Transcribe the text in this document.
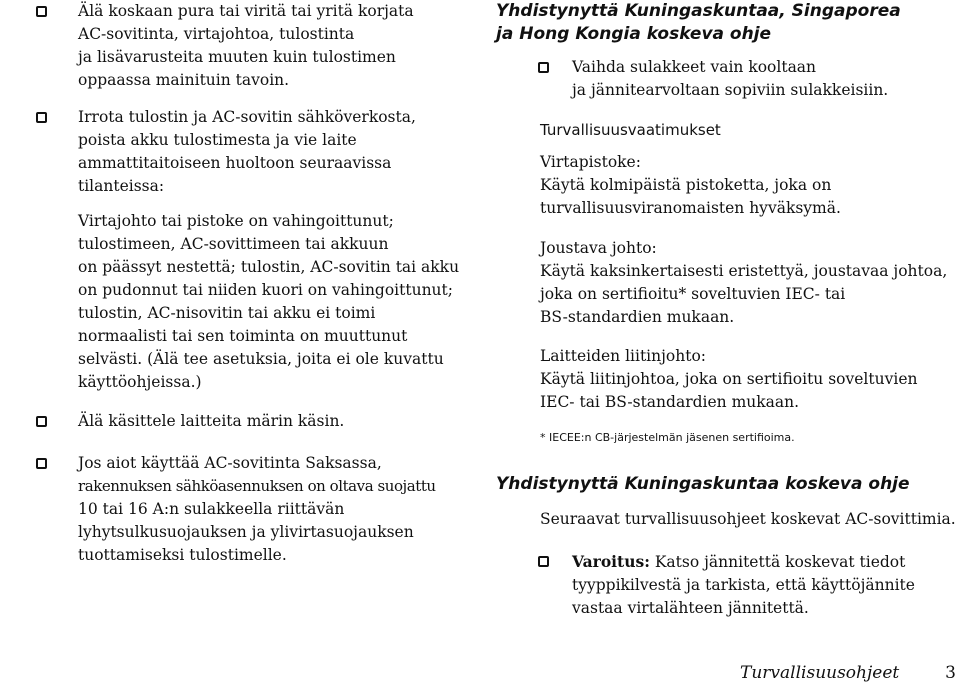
Älä koskaan pura tai viritä tai yritä korjata
AC-sovitinta, virtajohtoa, tulostinta
ja lisävarusteita muuten kuin tulostimen
oppaassa mainituin tavoin.
Irrota tulostin ja AC-sovitin sähköverkosta,
poista akku tulostimesta ja vie laite
ammattitaitoiseen huoltoon seuraavissa
tilanteissa:
Virtajohto tai pistoke on vahingoittunut;
tulostimeen, AC-sovittimeen tai akkuun
on päässyt nestettä; tulostin, AC-sovitin tai akku
on pudonnut tai niiden kuori on vahingoittunut;
tulostin, AC-nisovitin tai akku ei toimi
normaalisti tai sen toiminta on muuttunut
selvästi. (Älä tee asetuksia, joita ei ole kuvattu
käyttöohjeissa.)
Älä käsittele laitteita märin käsin.
Jos aiot käyttää AC-sovitinta Saksassa,
rakennuksen sähköasennuksen on oltava suojattu
10 tai 16 A:n sulakkeella riittävän
lyhytsulkusuojauksen ja ylivirtasuojauksen
tuottamiseksi tulostimelle.
Yhdistynyttä Kuningaskuntaa, Singaporea
ja Hong Kongia koskeva ohje
Vaihda sulakkeet vain kooltaan
ja jännitearvoltaan sopiviin sulakkeisiin.
Turvallisuusvaatimukset
Virtapistoke:
Käytä kolmipäistä pistoketta, joka on
turvallisuusviranomaisten hyväksymä.
Joustava johto:
Käytä kaksinkertaisesti eristettyä, joustavaa johtoa,
joka on sertifioitu* soveltuvien IEC- tai
BS-standardien mukaan.
Laitteiden liitinjohto:
Käytä liitinjohtoa, joka on sertifioitu soveltuvien
IEC- tai BS-standardien mukaan.
* IECEE:n CB-järjestelmän jäsenen sertifioima.
Yhdistynyttä Kuningaskuntaa koskeva ohje
Seuraavat turvallisuusohjeet koskevat AC-sovittimia.
Varoitus: Katso jännitettä koskevat tiedot
tyyppikilvestä ja tarkista, että käyttöjännite
vastaa virtalähteen jännitettä.
Turvallisuusohjeet	3
